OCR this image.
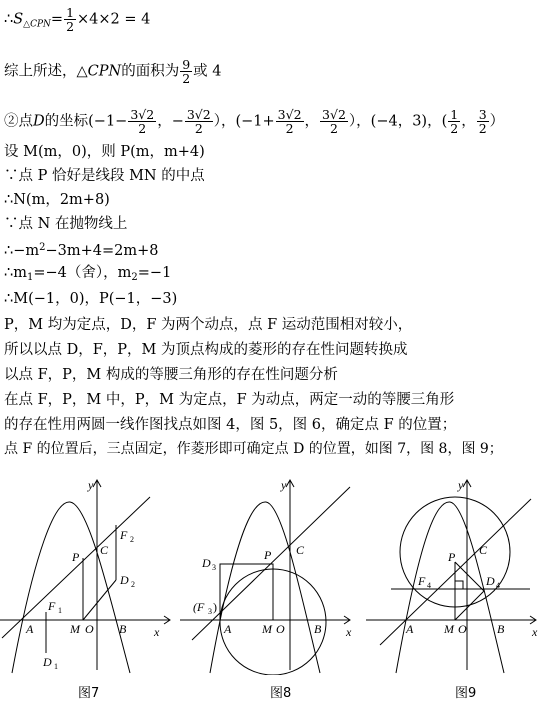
$\therefore S_{\triangle CPN}= \frac{1}{2} \times 4\times 2 = 4$
综上所述，△CPN的面积为 $\frac{9}{2}$ 或 4
②点D的坐标($-1- \frac{3√2}{2}$ ，− $\frac{3√2}{2}$ ），($-1+ \frac{3√2}{2}$ ， $\frac{3√2}{2}$ ），(−4，3)，( $\frac{1}{2}$ ， $\frac{3}{2}$ ）
设 M(m，0)，则 P(m，m+4)
∵点 P 恰好是线段 MN 的中点
∴N(m，2m+8)
∵点 N 在抛物线上
$\therefore-m^2-3m+4=2m+8$
$\therefore m_1=-4$（舍），$m_2=-1$
∴M(−1，0)，P(−1，−3)
P，M 均为定点，D，F 为两个动点，点 F 运动范围相对较小，
所以以点 D，F，P，M 为顶点构成的菱形的存在性问题转换成
以点 F，P，M 构成的等腰三角形的存在性问题分析
在点 F，P，M 中，P，M 为定点，F 为动点，两定一动的等腰三角形
的存在性用两圆一线作图找点如图 4，图 5，图 6，确定点 F 的位置；
点 F 的位置后，三点固定，作菱形即可确定点 D 的位置，如图 7，图 8，图 9；
y
x
A	M O B
C
P
F 1
F 2
D 1
D 2
图7
y
x
A	M O B
C
P
D 3
(F 3 )
图8
y
x
A	M O	B
C
P
F 4	D 4
图9
